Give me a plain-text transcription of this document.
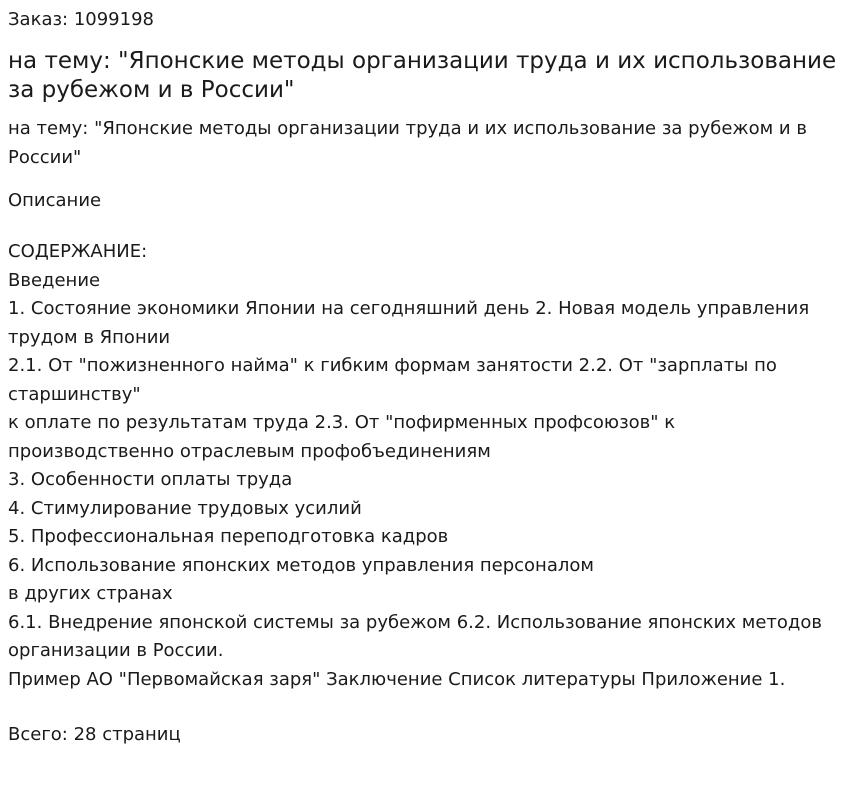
Заказ: 1099198

на тему: "Японские методы организации труда и их использование за рубежом и в России"

на тему: "Японские методы организации труда и их использование за рубежом и в России"

Описание

СОДЕРЖАНИЕ:
Введение
1. Состояние экономики Японии на сегодняшний день 2. Новая модель управления трудом в Японии
2.1. От "пожизненного найма" к гибким формам занятости 2.2. От "зарплаты по старшинству"
к оплате по результатам труда 2.3. От "пофирменных профсоюзов" к производственно отраслевым профобъединениям
3. Особенности оплаты труда
4. Стимулирование трудовых усилий
5. Профессиональная переподготовка кадров
6. Использование японских методов управления персоналом
в других странах
6.1. Внедрение японской системы за рубежом 6.2. Использование японских методов организации в России.
Пример АО "Первомайская заря" Заключение Список литературы Приложение 1.

Всего: 28 страниц
